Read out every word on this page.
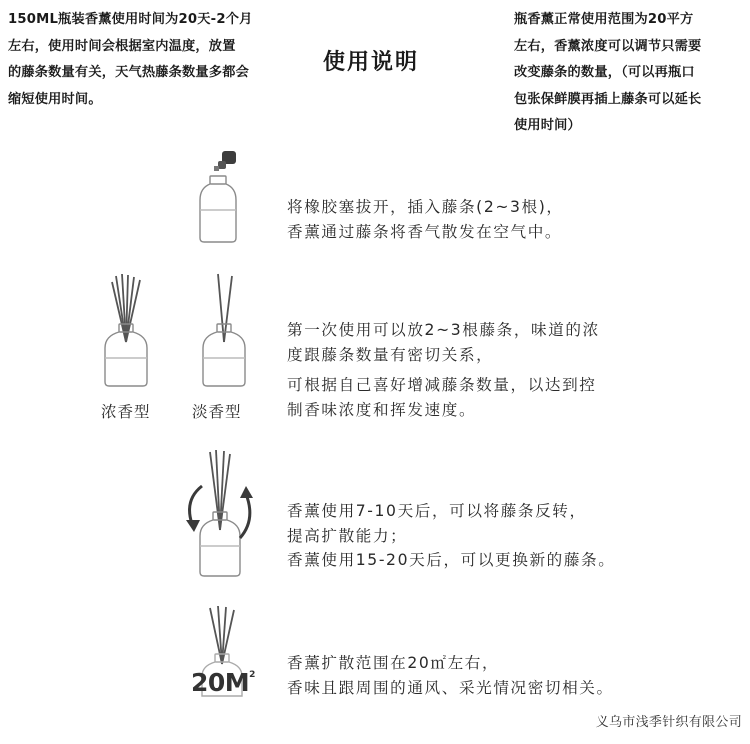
150ML瓶装香薰使用时间为20天-2个月
左右，使用时间会根据室内温度，放置
的藤条数量有关，天气热藤条数量多都会
缩短使用时间。
使用说明
瓶香薰正常使用范围为20平方
左右，香薰浓度可以调节只需要
改变藤条的数量，（可以再瓶口
包张保鲜膜再插上藤条可以延长
使用时间）
将橡胶塞拔开，插入藤条(2~3根)，
香薰通过藤条将香气散发在空气中。
浓香型	淡香型
第一次使用可以放2~3根藤条，味道的浓
度跟藤条数量有密切关系，
可根据自己喜好增减藤条数量，以达到控
制香味浓度和挥发速度。
香薰使用7-10天后，可以将藤条反转，
提高扩散能力；
香薰使用15-20天后，可以更换新的藤条。
$20M^2$
香薰扩散范围在20㎡左右，
香味且跟周围的通风、采光情况密切相关。
义乌市浅季针织有限公司
